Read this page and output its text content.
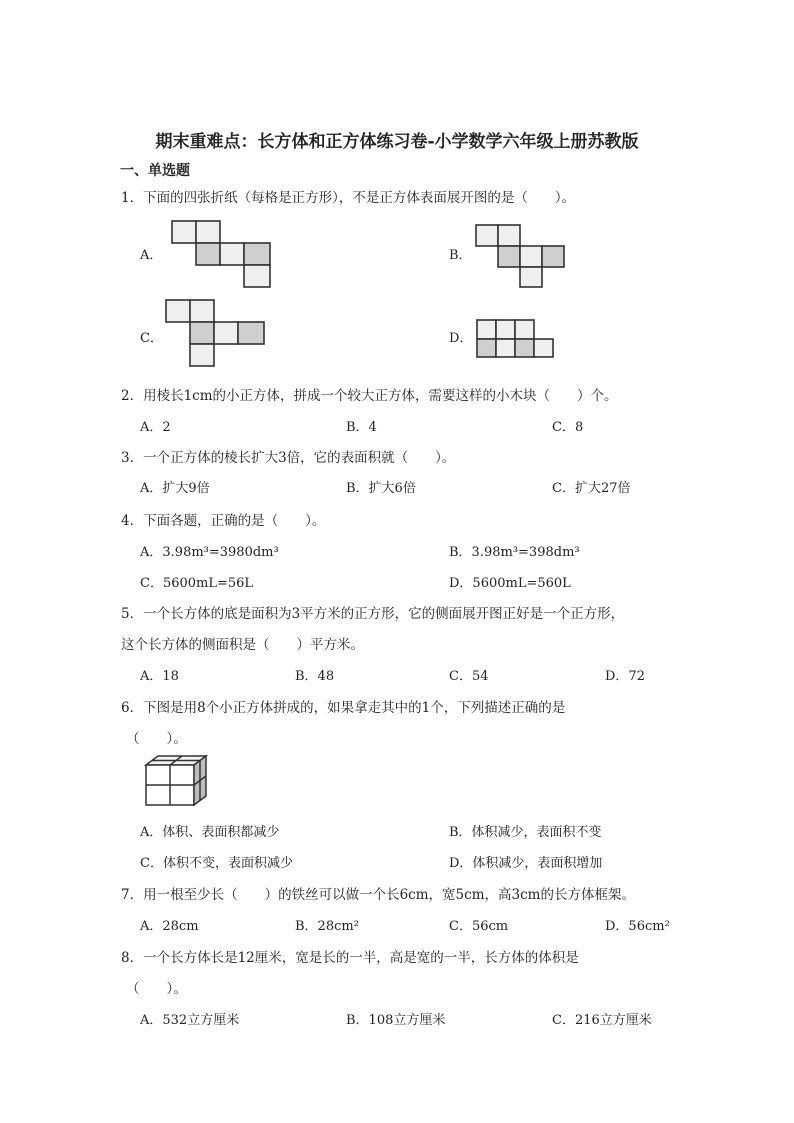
期末重难点：长方体和正方体练习卷-小学数学六年级上册苏教版
一、单选题
1．下面的四张折纸（每格是正方形），不是正方体表面展开图的是（　　）。
A．	B．
C．	D．
2．用棱长1cm的小正方体，拼成一个较大正方体，需要这样的小木块（　　）个。
A．2	B．4	C．8
3．一个正方体的棱长扩大3倍，它的表面积就（　　）。
A．扩大9倍	B．扩大6倍	C．扩大27倍
4．下面各题，正确的是（　　）。
A．3.98m³=3980dm³	B．3.98m³=398dm³
C．5600mL=56L	D．5600mL=560L
5．一个长方体的底是面积为3平方米的正方形，它的侧面展开图正好是一个正方形，
这个长方体的侧面积是（　　）平方米。
A．18	B．48	C．54	D．72
6．下图是用8个小正方体拼成的，如果拿走其中的1个，下列描述正确的是
（　　）。
A．体积、表面积都减少	B．体积减少，表面积不变
C．体积不变，表面积减少	D．体积减少，表面积增加
7．用一根至少长（　　）的铁丝可以做一个长6cm，宽5cm，高3cm的长方体框架。
A．28cm	B．28cm²	C．56cm	D．56cm²
8．一个长方体长是12厘米，宽是长的一半，高是宽的一半，长方体的体积是
（　　）。
A．532立方厘米	B．108立方厘米	C．216立方厘米
